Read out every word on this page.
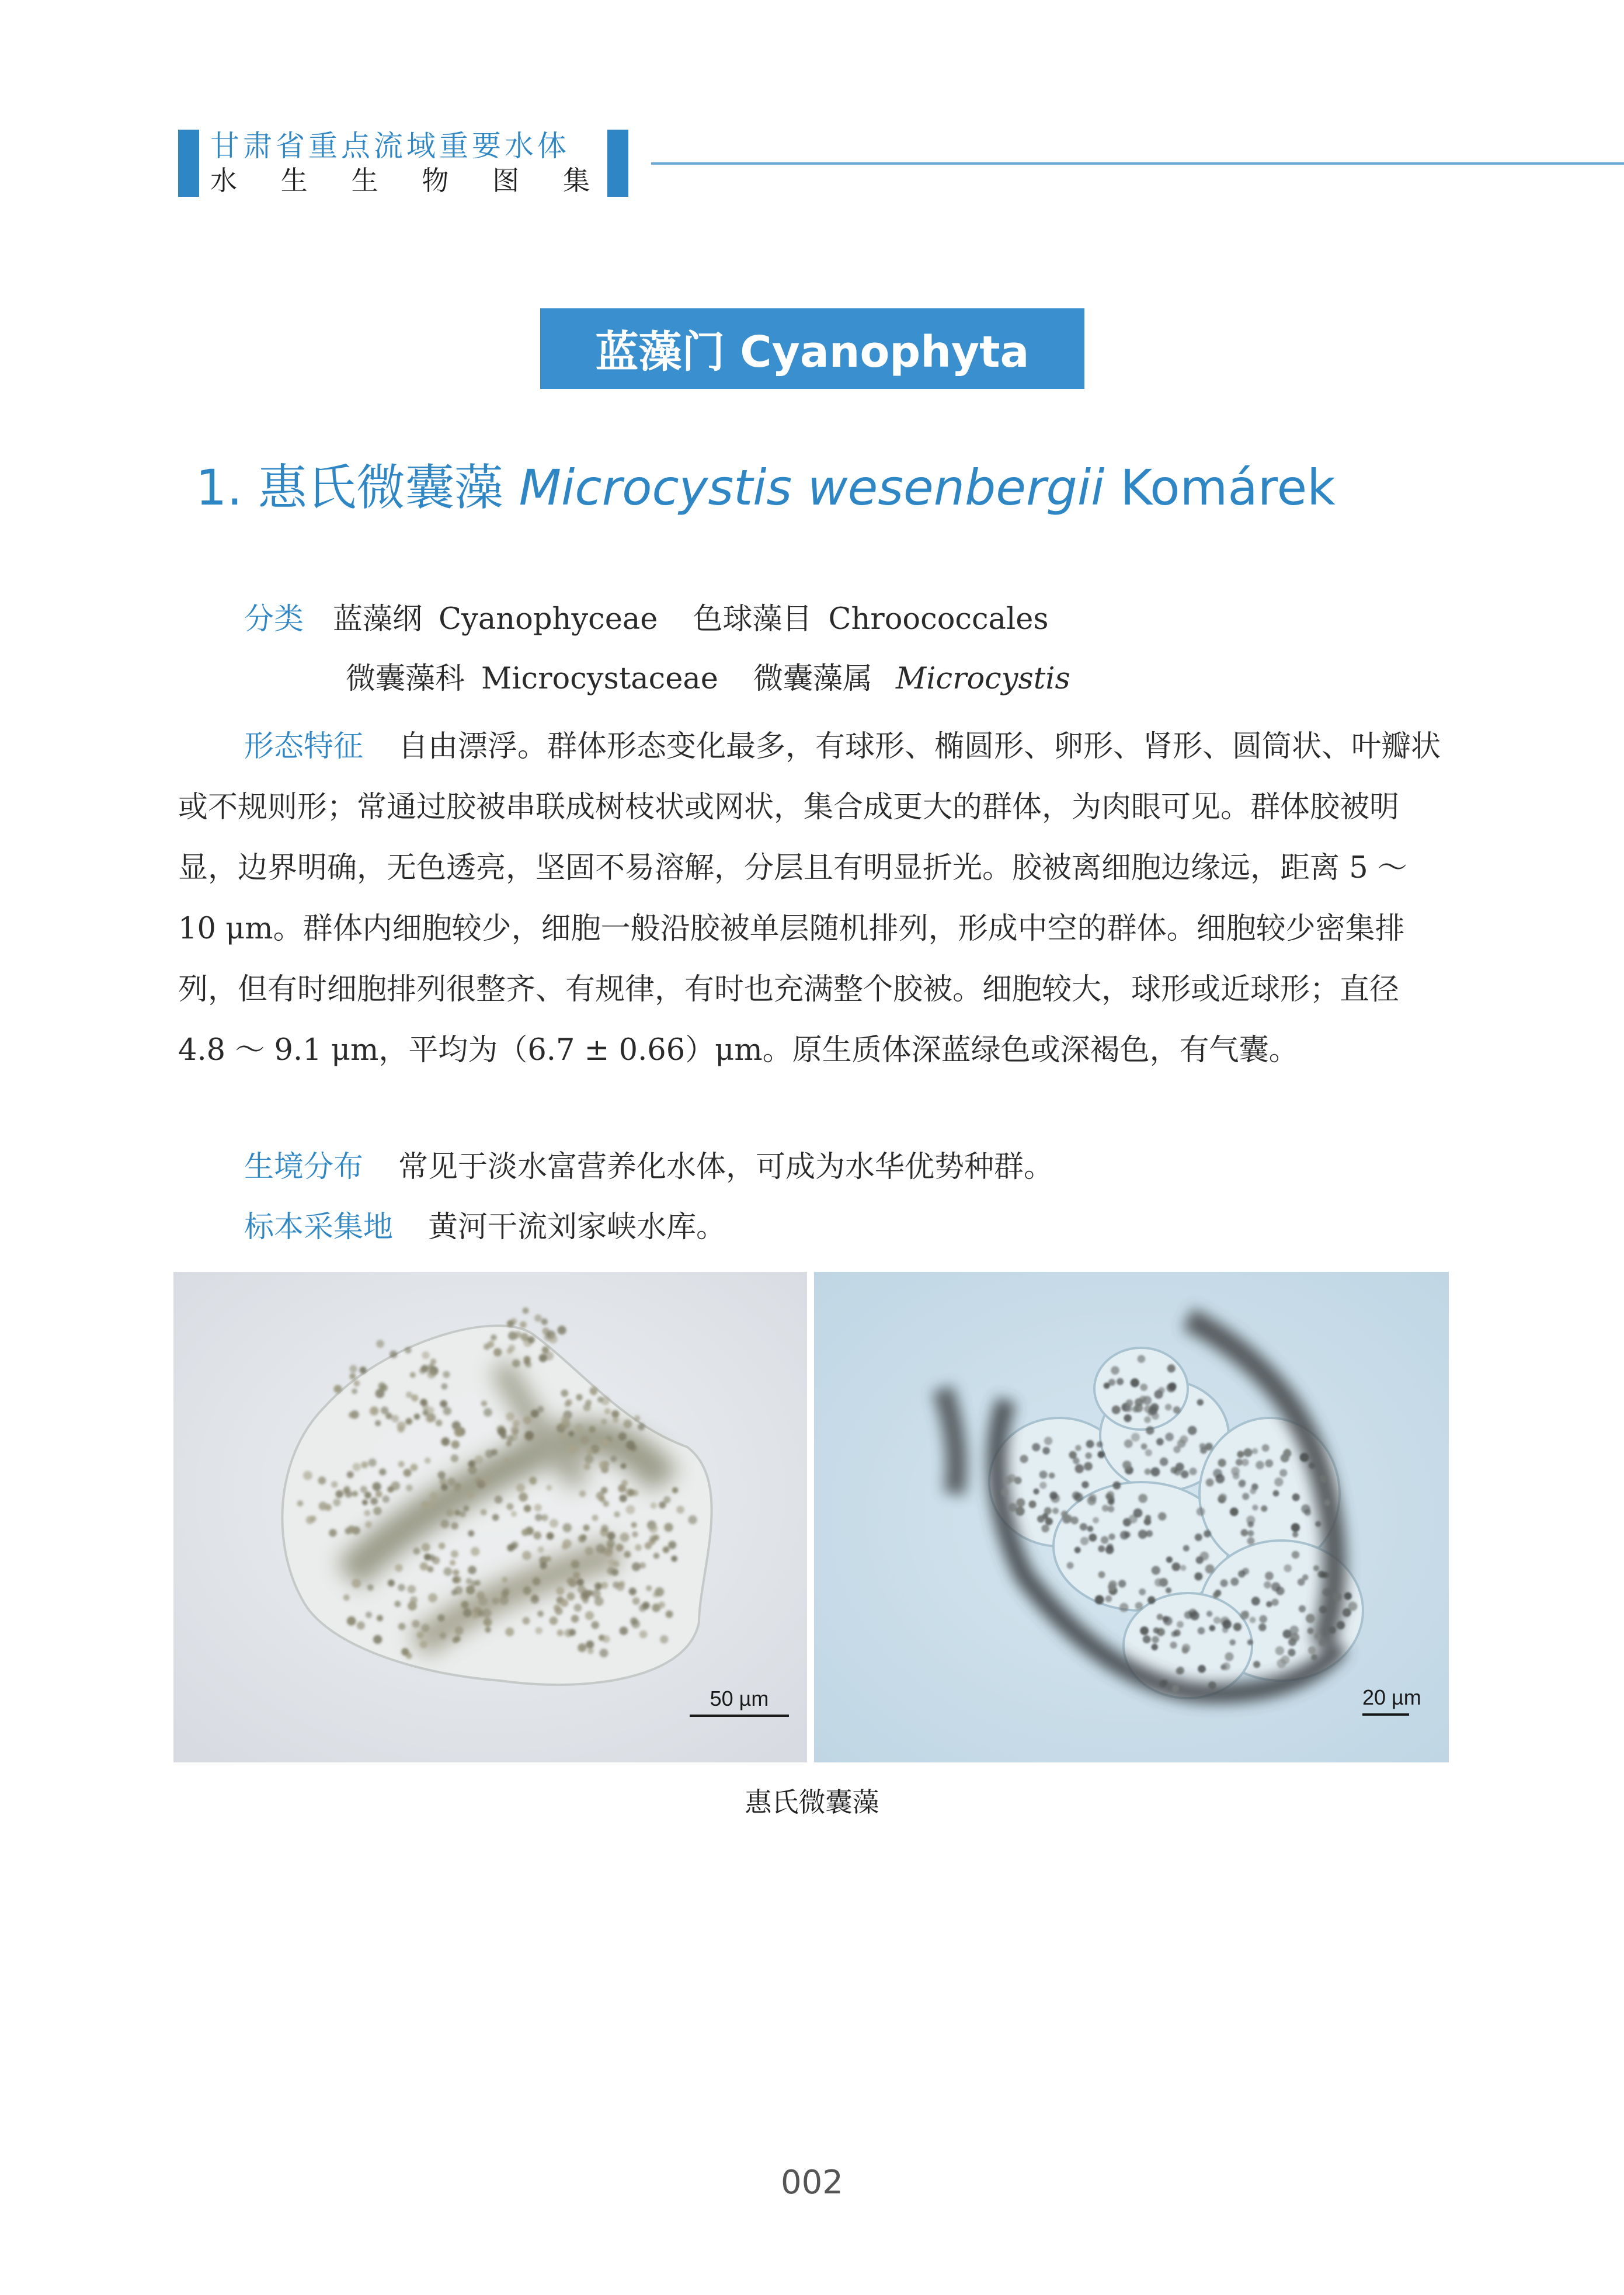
甘肃省重点流域重要水体
水 生 生 物 图 集
蓝藻门 Cyanophyta
1. 惠氏微囊藻 Microcystis wesenbergii Komárek
分类 蓝藻纲 Cyanophyceae 色球藻目 Chroococcales
微囊藻科 Microcystaceae 微囊藻属 Microcystis
形态特征 自由漂浮。群体形态变化最多，有球形、椭圆形、卵形、肾形、圆筒状、叶瓣状或不规则形；常通过胶被串联成树枝状或网状，集合成更大的群体，为肉眼可见。群体胶被明显，边界明确，无色透亮，坚固不易溶解，分层且有明显折光。胶被离细胞边缘远，距离 5 ～ 10 μm。群体内细胞较少，细胞一般沿胶被单层随机排列，形成中空的群体。细胞较少密集排列，但有时细胞排列很整齐、有规律，有时也充满整个胶被。细胞较大，球形或近球形；直径 4.8 ～ 9.1 μm，平均为（6.7 ± 0.66）μm。原生质体深蓝绿色或深褐色，有气囊。
生境分布 常见于淡水富营养化水体，可成为水华优势种群。
标本采集地 黄河干流刘家峡水库。
50 µm	20 µm
惠氏微囊藻
002
